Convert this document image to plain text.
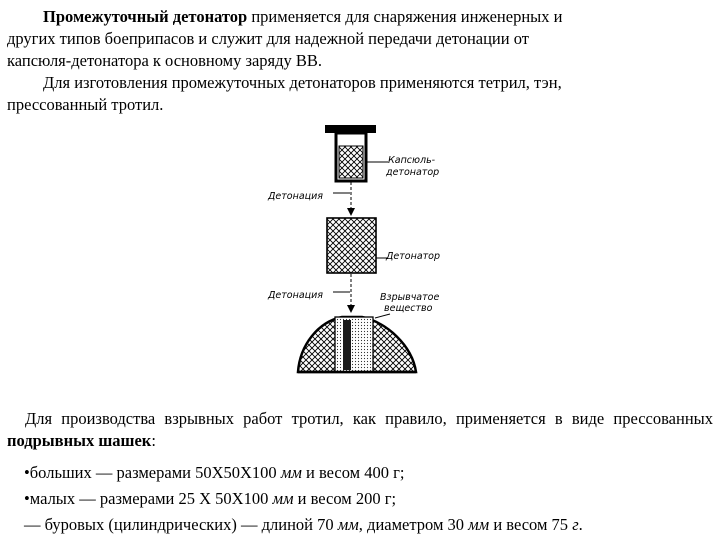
Промежуточный детонатор применяется для снаряжения инженерных и
других типов боеприпасов и служит для надежной передачи детонации от
капсюля-детонатора к основному заряду ВВ.
Для изготовления промежуточных детонаторов применяются тетрил, тэн,
прессованный тротил.
Капсюль-
детонатор
Детонация
Детонатор
Детонация	Взрывчатое
вещество
Для производства взрывных работ тротил, как правило, применяется в виде прессованных подрывных шашек:
•больших — размерами 50Х50Х100 мм и весом 400 г;
•малых — размерами 25 Х 50Х100 мм и весом 200 г;
— буровых (цилиндрических) — длиной 70 мм, диаметром 30 мм и весом 75 г.
